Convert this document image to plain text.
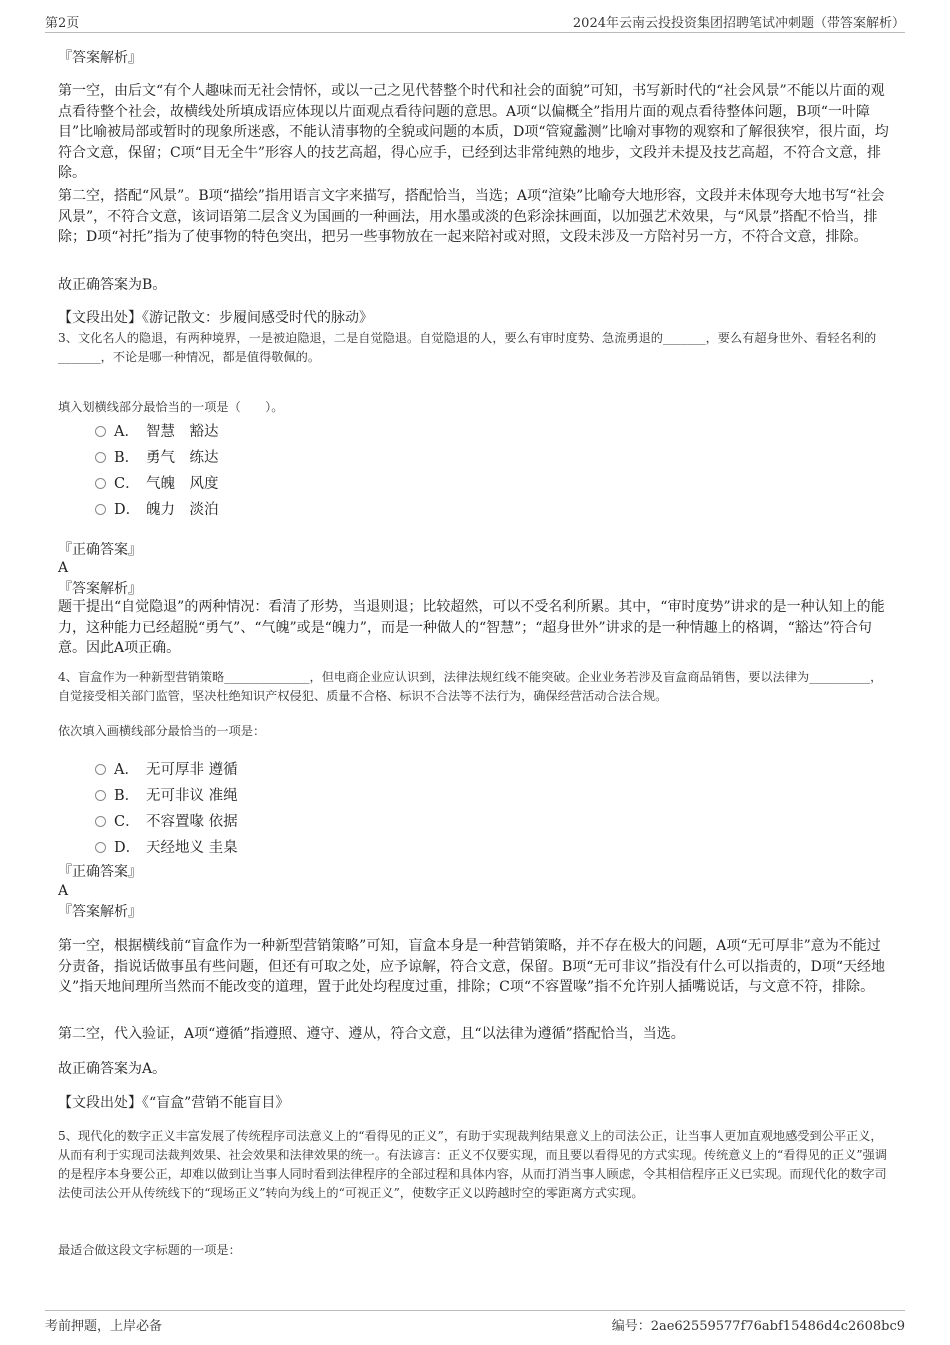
第2页	2024年云南云投投资集团招聘笔试冲刺题（带答案解析）
『答案解析』
第一空，由后文“有个人趣味而无社会情怀，或以一己之见代替整个时代和社会的面貌”可知，书写新时代的“社会风景”不能以片面的观点看待整个社会，故横线处所填成语应体现以片面观点看待问题的意思。A项“以偏概全”指用片面的观点看待整体问题，B项“一叶障目”比喻被局部或暂时的现象所迷惑，不能认清事物的全貌或问题的本质，D项“管窥蠡测”比喻对事物的观察和了解很狭窄，很片面，均符合文意，保留；C项“目无全牛”形容人的技艺高超，得心应手，已经到达非常纯熟的地步，文段并未提及技艺高超，不符合文意，排除。
第二空，搭配“风景”。B项“描绘”指用语言文字来描写，搭配恰当，当选；A项“渲染”比喻夸大地形容，文段并未体现夸大地书写“社会风景”，不符合文意，该词语第二层含义为国画的一种画法，用水墨或淡的色彩涂抹画面，以加强艺术效果，与“风景”搭配不恰当，排除；D项“衬托”指为了使事物的特色突出，把另一些事物放在一起来陪衬或对照，文段未涉及一方陪衬另一方，不符合文意，排除。
故正确答案为B。
【文段出处】《游记散文：步履间感受时代的脉动》
3、文化名人的隐退，有两种境界，一是被迫隐退，二是自觉隐退。自觉隐退的人，要么有审时度势、急流勇退的_______，要么有超身世外、看轻名利的_______，不论是哪一种情况，都是值得敬佩的。
填入划横线部分最恰当的一项是（　　）。
A． 智慧　豁达
B． 勇气　练达
C． 气魄　风度
D． 魄力　淡泊
『正确答案』
A
『答案解析』
题干提出“自觉隐退”的两种情况：看清了形势，当退则退；比较超然，可以不受名利所累。其中，“审时度势”讲求的是一种认知上的能力，这种能力已经超脱“勇气”、“气魄”或是“魄力”，而是一种做人的“智慧”；“超身世外”讲求的是一种情趣上的格调，“豁达”符合句意。因此A项正确。
4、盲盒作为一种新型营销策略______________，但电商企业应认识到，法律法规红线不能突破。企业业务若涉及盲盒商品销售，要以法律为__________，自觉接受相关部门监管，坚决杜绝知识产权侵犯、质量不合格、标识不合法等不法行为，确保经营活动合法合规。
依次填入画横线部分最恰当的一项是：
A． 无可厚非 遵循
B． 无可非议 准绳
C． 不容置喙 依据
D． 天经地义 圭臬
『正确答案』
A
『答案解析』
第一空，根据横线前“盲盒作为一种新型营销策略”可知，盲盒本身是一种营销策略，并不存在极大的问题，A项“无可厚非”意为不能过分责备，指说话做事虽有些问题，但还有可取之处，应予谅解，符合文意，保留。B项“无可非议”指没有什么可以指责的，D项“天经地义”指天地间理所当然而不能改变的道理，置于此处均程度过重，排除；C项“不容置喙”指不允许别人插嘴说话，与文意不符，排除。
第二空，代入验证，A项“遵循”指遵照、遵守、遵从，符合文意，且“以法律为遵循”搭配恰当，当选。
故正确答案为A。
【文段出处】《“盲盒”营销不能盲目》
5、现代化的数字正义丰富发展了传统程序司法意义上的“看得见的正义”，有助于实现裁判结果意义上的司法公正，让当事人更加直观地感受到公平正义，从而有利于实现司法裁判效果、社会效果和法律效果的统一。有法谚言：正义不仅要实现，而且要以看得见的方式实现。传统意义上的“看得见的正义”强调的是程序本身要公正，却难以做到让当事人同时看到法律程序的全部过程和具体内容，从而打消当事人顾虑，令其相信程序正义已实现。而现代化的数字司法使司法公开从传统线下的“现场正义”转向为线上的“可视正义”，使数字正义以跨越时空的零距离方式实现。
最适合做这段文字标题的一项是：
考前押题，上岸必备	编号：2ae62559577f76abf15486d4c2608bc9
